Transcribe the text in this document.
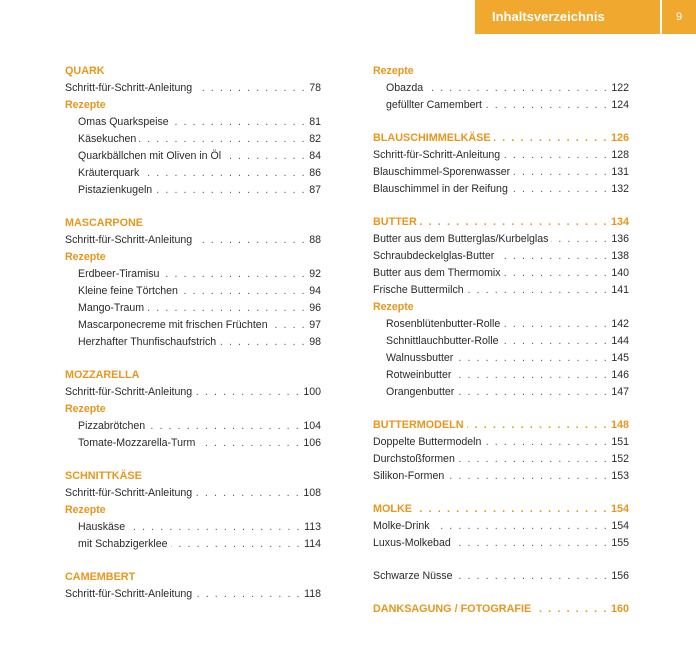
Inhaltsverzeichnis	9
QUARK
Schritt-für-Schritt-Anleitung . . .	78
Rezepte
Omas Quarkspeise . . .	81
Käsekuchen . . .	82
Quarkbällchen mit Oliven in Öl . . .	84
Kräuterquark . . .	86
Pistazienkugeln . . .	87
MASCARPONE
Schritt-für-Schritt-Anleitung . . .	88
Rezepte
Erdbeer-Tiramisu . . .	92
Kleine feine Törtchen . . .	94
Mango-Traum . . .	96
Mascarponecreme mit frischen Früchten . . .	97
Herzhafter Thunfischaufstrich . . .	98
MOZZARELLA
Schritt-für-Schritt-Anleitung . . .	100
Rezepte
Pizzabrötchen . . .	104
Tomate-Mozzarella-Turm . . .	106
SCHNITTKÄSE
Schritt-für-Schritt-Anleitung . . .	108
Rezepte
Hauskäse . . .	113
mit Schabzigerklee . . .	114
CAMEMBERT
Schritt-für-Schritt-Anleitung . . .	118
Rezepte
Obazda . . .	122
gefüllter Camembert . . .	124
BLAUSCHIMMELKÄSE . . .	126
Schritt-für-Schritt-Anleitung . . .	128
Blauschimmel-Sporenwasser . . .	131
Blauschimmel in der Reifung . . .	132
BUTTER . . .	134
Butter aus dem Butterglas/Kurbelglas . . .	136
Schraubdeckelglas-Butter . . .	138
Butter aus dem Thermomix . . .	140
Frische Buttermilch . . .	141
Rezepte
Rosenblütenbutter-Rolle . . .	142
Schnittlauchbutter-Rolle . . .	144
Walnussbutter . . .	145
Rotweinbutter . . .	146
Orangenbutter . . .	147
BUTTERMODELN . . .	148
Doppelte Buttermodeln . . .	151
Durchstoßformen . . .	152
Silikon-Formen . . .	153
MOLKE . . .	154
Molke-Drink . . .	154
Luxus-Molkebad . . .	155
Schwarze Nüsse . . .	156
DANKSAGUNG / FOTOGRAFIE . . .	160
